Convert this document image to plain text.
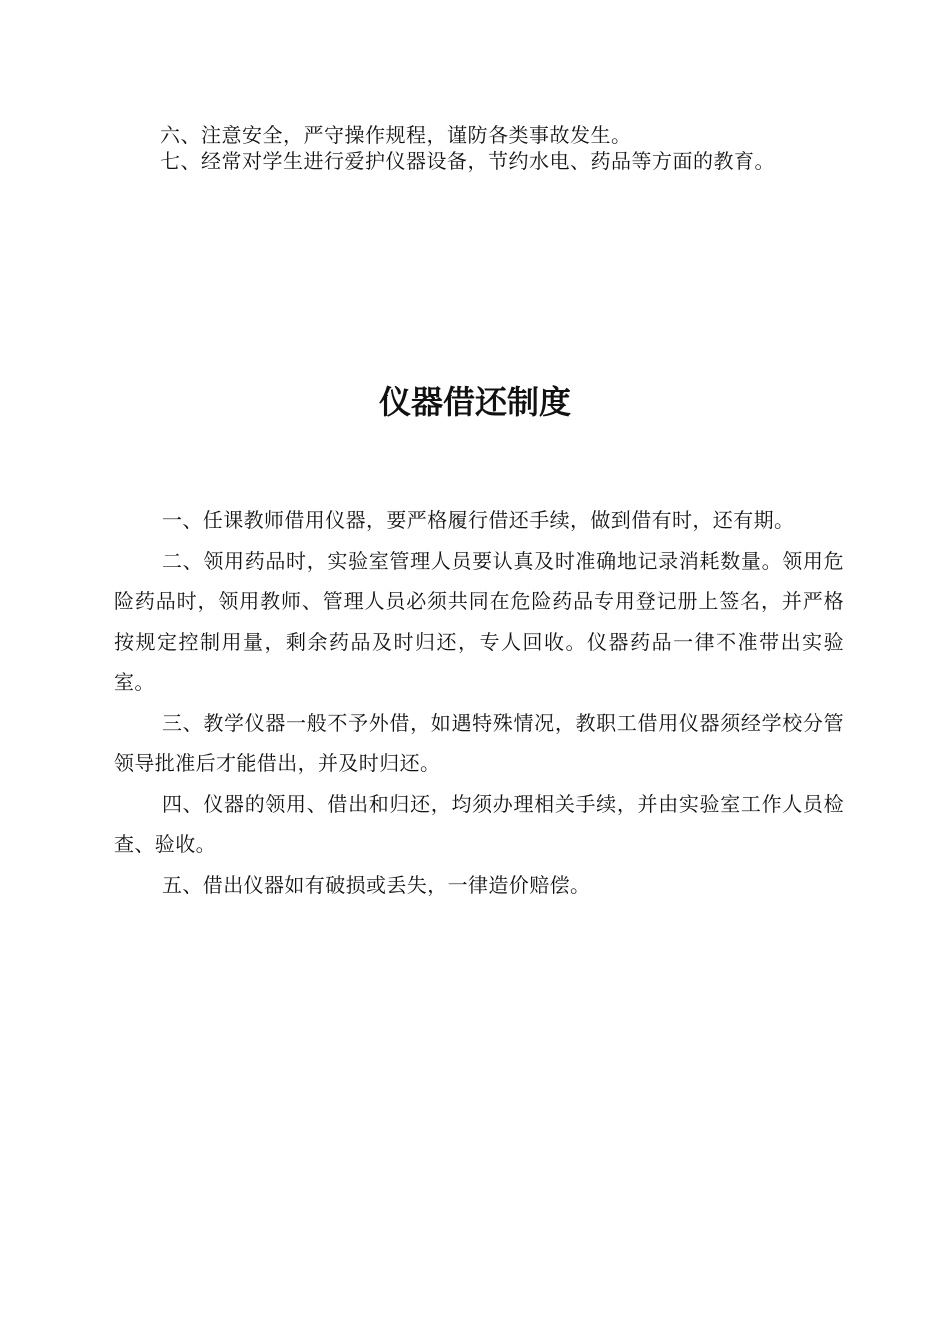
六、注意安全，严守操作规程，谨防各类事故发生。

七、经常对学生进行爱护仪器设备，节约水电、药品等方面的教育。

仪器借还制度

一、任课教师借用仪器，要严格履行借还手续，做到借有时，还有期。

二、领用药品时，实验室管理人员要认真及时准确地记录消耗数量。领用危险药品时，领用教师、管理人员必须共同在危险药品专用登记册上签名，并严格按规定控制用量，剩余药品及时归还，专人回收。仪器药品一律不准带出实验室。

三、教学仪器一般不予外借，如遇特殊情况，教职工借用仪器须经学校分管领导批准后才能借出，并及时归还。

四、仪器的领用、借出和归还，均须办理相关手续，并由实验室工作人员检查、验收。

五、借出仪器如有破损或丢失，一律造价赔偿。
